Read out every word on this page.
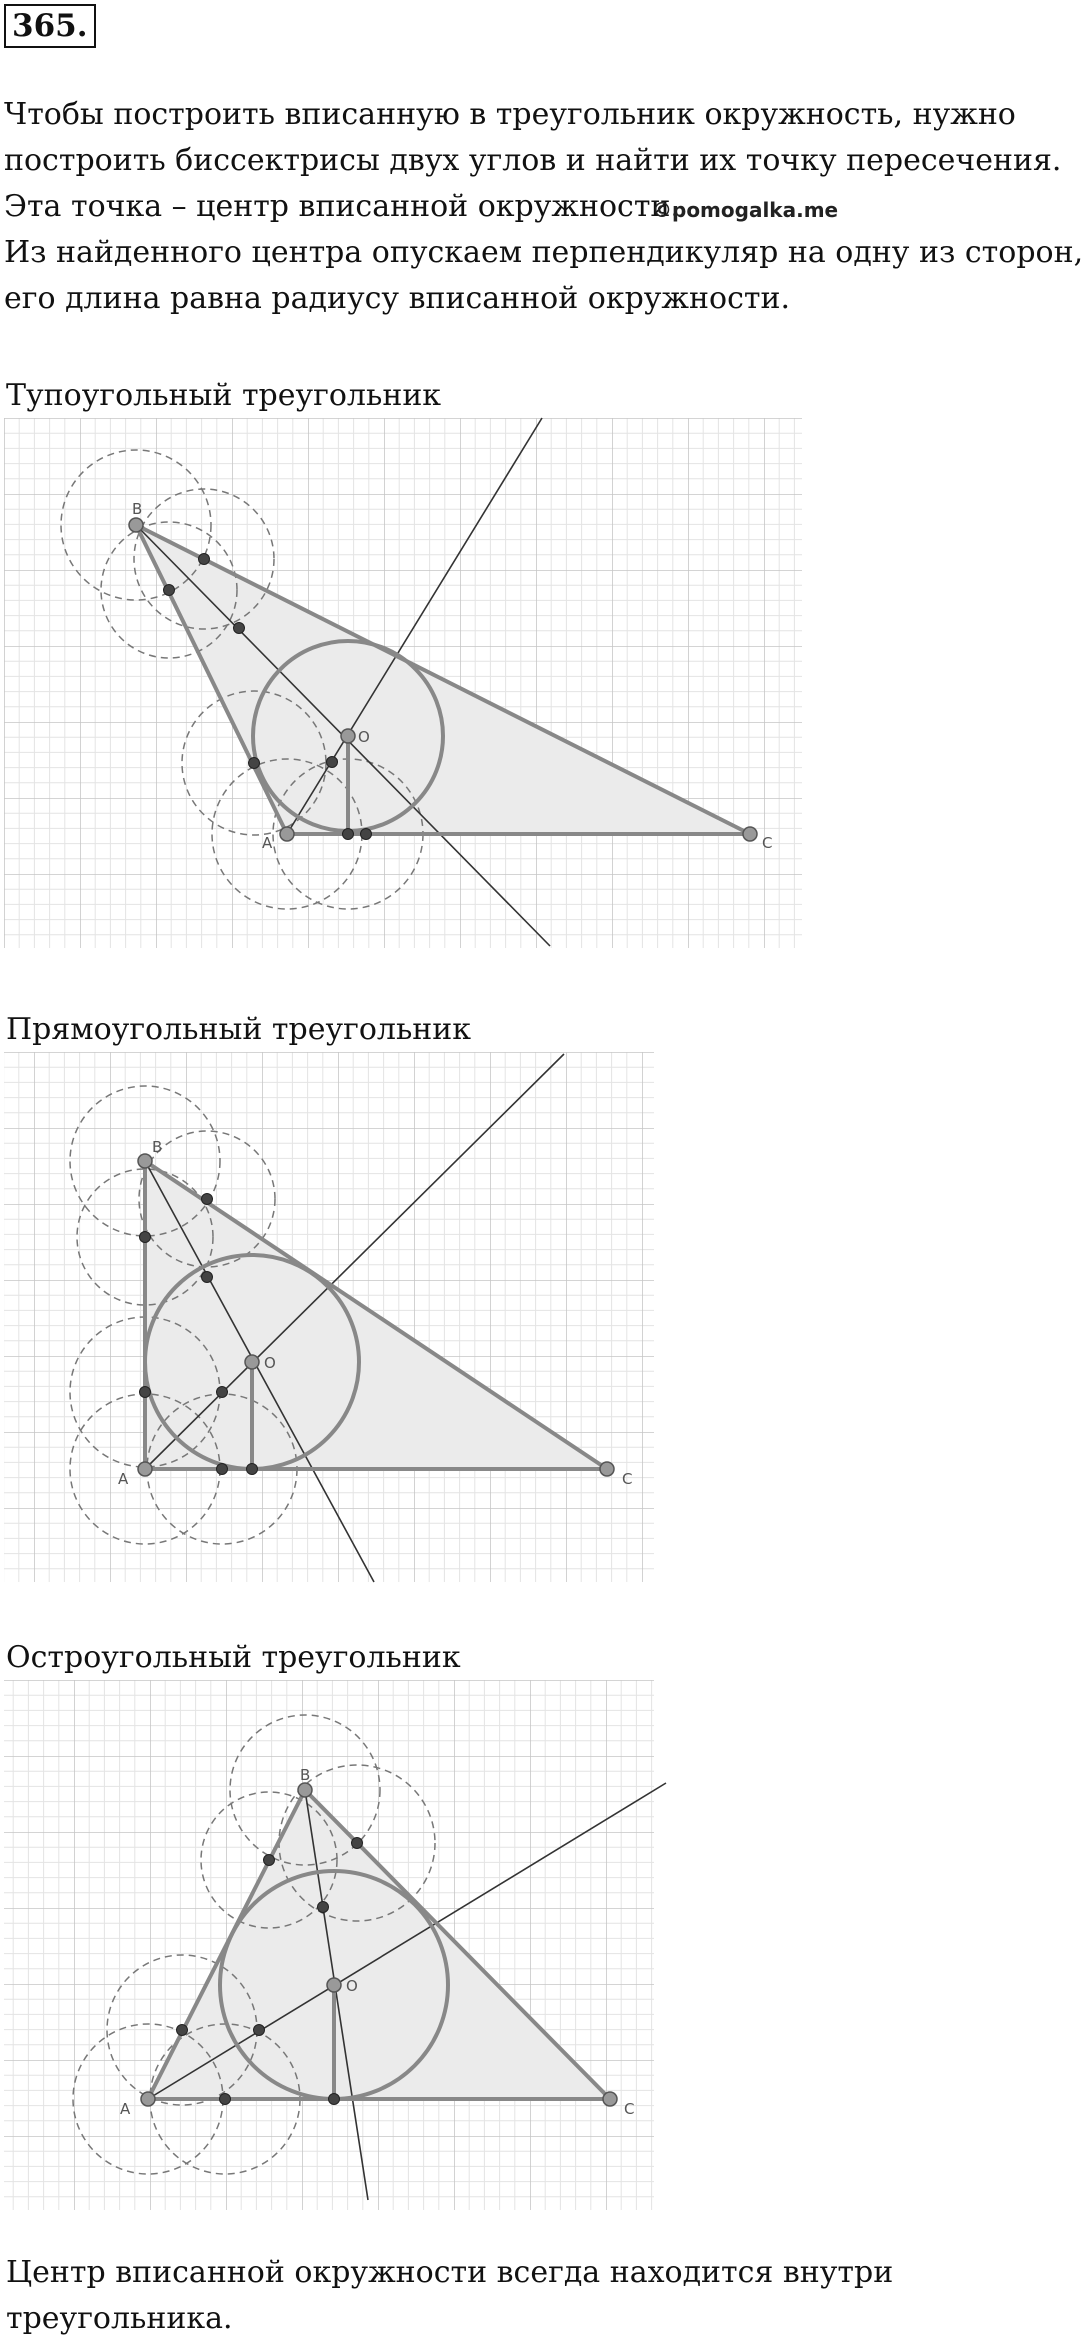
365.

Чтобы построить вписанную в треугольник окружность, нужно
построить биссектрисы двух углов и найти их точку пересечения.
Эта точка – центр вписанной окружности.
Из найденного центра опускаем перпендикуляр на одну из сторон,
его длина равна радиусу вписанной окружности.

©pomogalka.me
Тупоугольный треугольник
B
A	C
O
Прямоугольный треугольник
B
A	C
O
Остроугольный треугольник
B
A	C
O

Центр вписанной окружности всегда находится внутри
треугольника.
